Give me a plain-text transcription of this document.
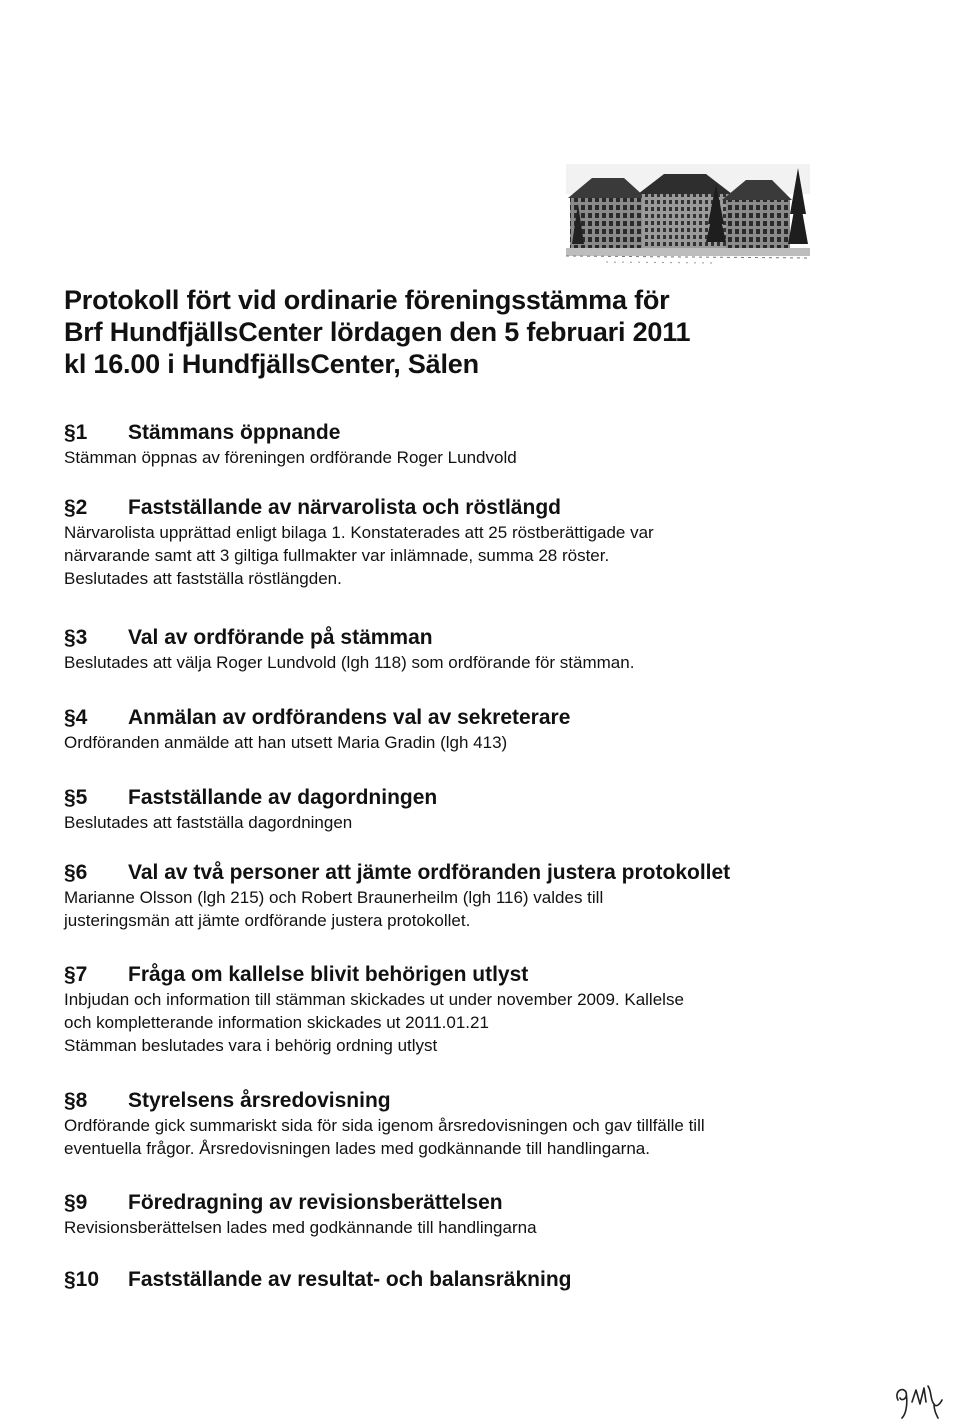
Protokoll fört vid ordinarie föreningsstämma för
Brf HundfjällsCenter lördagen den 5 februari 2011
kl 16.00 i HundfjällsCenter, Sälen
§1	Stämmans öppnande

Stämman öppnas av föreningen ordförande Roger Lundvold

§2	Fastställande av närvarolista och röstlängd

Närvarolista upprättad enligt bilaga 1. Konstaterades att 25 röstberättigade var
närvarande samt att 3 giltiga fullmakter var inlämnade, summa 28 röster.
Beslutades att fastställa röstlängden.

§3	Val av ordförande på stämman

Beslutades att välja Roger Lundvold (lgh 118) som ordförande för stämman.

§4	Anmälan av ordförandens val av sekreterare

Ordföranden anmälde att han utsett Maria Gradin (lgh 413)

§5	Fastställande av dagordningen

Beslutades att fastställa dagordningen

§6	Val av två personer att jämte ordföranden justera protokollet

Marianne Olsson (lgh 215) och Robert Braunerheilm (lgh 116) valdes till
justeringsmän att jämte ordförande justera protokollet.

§7	Fråga om kallelse blivit behörigen utlyst

Inbjudan och information till stämman skickades ut under november 2009. Kallelse
och kompletterande information skickades ut 2011.01.21
Stämman beslutades vara i behörig ordning utlyst

§8	Styrelsens årsredovisning

Ordförande gick summariskt sida för sida igenom årsredovisningen och gav tillfälle till
eventuella frågor. Årsredovisningen lades med godkännande till handlingarna.

§9	Föredragning av revisionsberättelsen

Revisionsberättelsen lades med godkännande till handlingarna

§10	Fastställande av resultat- och balansräkning
